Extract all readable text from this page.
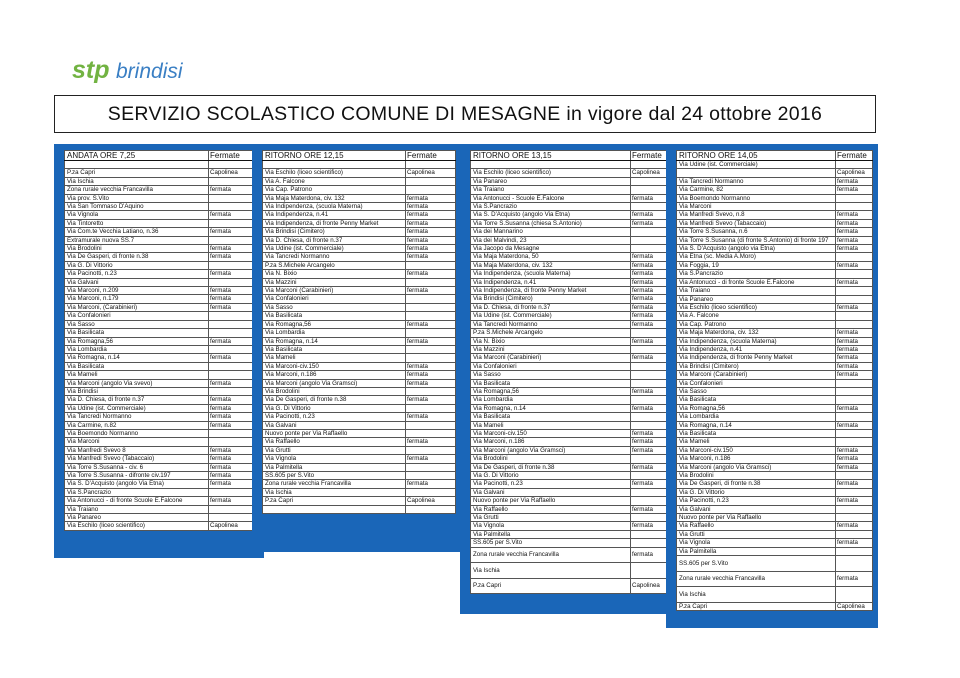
stp brindisi
SERVIZIO SCOLASTICO COMUNE DI MESAGNE in vigore dal 24 ottobre 2016
ANDATA ORE 7,25	Fermate

P.za Capri	Capolinea
Via Ischia	
Zona rurale vecchia Francavilla	fermata
Via prov. S.Vito	
Via San Tommaso D'Aquino	
Via Vignola	fermata
Via Tintoretto	
Via Com.te Vecchia Latiano, n.36	fermata
Extramurale nuova SS.7	
Via Brodolini	fermata
Via De Gasperi, di fronte n.38	fermata
Via G. Di Vittorio	
Via Pacinotti, n.23	fermata
Via Galvani	
Via Marconi, n.209	fermata
Via Marconi, n.179	fermata
Via Marconi, (Carabinieri)	fermata
Via Confalonieri	
Via Sasso	
Via Basilicata	
Via Romagna,56	fermata
Via Lombardia	
Via Romagna, n.14	fermata
Via Basilicata	
Via Mameli	
Via Marconi (angolo Via svevo)	fermata
Via Brindisi	
Via D. Chiesa, di fronte n.37	fermata
Via Udine (ist. Commerciale)	fermata
Via Tancredi Normanno	fermata
Via Carmine, n.82	fermata
Via Boemondo Normanno	
Via Marconi	
Via Manfredi Svevo 8	fermata
Via Manfredi Svevo (Tabaccaio)	fermata
Via Torre S.Susanna - civ. 6	fermata
Via Torre S.Susanna - difronte civ.197	fermata
Via S. D'Acquisto (angolo Via Etna)	fermata
Via S.Pancrazio	
Via Antonucci - di fronte Scuole E.Falcone	fermata
Via Traiano	
Via Panareo	
Via Eschilo (liceo scientifico)	Capolinea
RITORNO ORE 12,15	Fermate

Via Eschilo (liceo scientifico)	Capolinea
Via A. Falcone	
Via Cap. Patrono	
Via Maja Materdona, civ. 132	fermata
Via Indipendenza, (scuola Materna)	fermata
Via Indipendenza, n.41	fermata
Via Indipendenza, di fronte Penny Market	fermata
Via Brindisi (Cimitero)	fermata
Via D. Chiesa, di fronte n.37	fermata
Via Udine (ist. Commerciale)	fermata
Via Tancredi Normanno	fermata
P.za S.Michele Arcangelo	
Via N. Bixio	fermata
Via Mazzini	
Via Marconi (Carabinieri)	fermata
Via Confalonieri	
Via Sasso	
Via Basilicata	
Via Romagna,56	fermata
Via Lombardia	
Via Romagna, n.14	fermata
Via Basilicata	
Via Mameli	
Via Marconi-civ.150	fermata
Via Marconi, n.186	fermata
Via Marconi (angolo Via Gramsci)	fermata
Via Brodolini	
Via De Gasperi, di fronte n.38	fermata
Via G. Di Vittorio	
Via Pacinotti, n.23	fermata
Via Galvani	
Nuovo ponte per Via Raffaello	
Via Raffaello	fermata
Via Grutti	
Via Vignola	fermata
Via Palmitella	
SS.605 per S.Vito	
Zona rurale vecchia Francavilla	fermata
Via Ischia	
P.za Capri	Capolinea

RITORNO ORE 13,15	Fermate

Via Eschilo (liceo scientifico)	Capolinea
Via Panareo	
Via Traiano	
Via Antonucci - Scuole E.Falcone	fermata
Via S.Pancrazio	
Via S. D'Acquisto (angolo Via Etna)	fermata
Via Torre S.Susanna (chiesa S.Antonio)	fermata
Via dei Mannarino	
Via dei Malvindi, 23	
Via Jacopo da Mesagne	
Via Maja Materdona, 50	fermata
Via Maja Materdona, civ. 132	fermata
Via Indipendenza, (scuola Materna)	fermata
Via Indipendenza, n.41	fermata
Via Indipendenza, di fronte Penny Market	fermata
Via Brindisi (Cimitero)	fermata
Via D. Chiesa, di fronte n.37	fermata
Via Udine (ist. Commerciale)	fermata
Via Tancredi Normanno	fermata
P.za S.Michele Arcangelo	
Via N. Bixio	fermata
Via Mazzini	
Via Marconi (Carabinieri)	fermata
Via Confalonieri	
Via Sasso	
Via Basilicata	
Via Romagna,56	fermata
Via Lombardia	
Via Romagna, n.14	fermata
Via Basilicata	
Via Mameli	
Via Marconi-civ.150	fermata
Via Marconi, n.186	fermata
Via Marconi (angolo Via Gramsci)	fermata
Via Brodolini	
Via De Gasperi, di fronte n.38	fermata
Via G. Di Vittorio	
Via Pacinotti, n.23	fermata
Via Galvani	
Nuovo ponte per Via Raffaello	
Via Raffaello	fermata
Via Grutti	
Via Vignola	fermata
Via Palmitella	
SS.605 per S.Vito	
Zona rurale vecchia Francavilla	fermata
Via Ischia	
P.za Capri	Capolinea
RITORNO ORE 14,05	Fermate
Via Udine (ist. Commerciale)	
	Capolinea
Via Tancredi Normanno	fermata
Via Carmine, 82	fermata
Via Boemondo Normanno	
Via Marconi	
Via Manfredi Svevo, n.8	fermata
Via Manfredi Svevo (Tabaccaio)	fermata
Via Torre S.Susanna, n.6	fermata
Via Torre S.Susanna (di fronte S.Antonio) di fronte 197	fermata
Via S. D'Acquisto (angolo via Etna)	fermata
Via Etna (sc. Media A.Moro)	
Via Foggia, 19	fermata
Via S.Pancrazio	
Via Antonucci - di fronte Scuole E.Falcone	fermata
Via Traiano	
Via Panareo	
Via Eschilo (liceo scientifico)	fermata
Via A. Falcone	
Via Cap. Patrono	
Via Maja Materdona, civ. 132	fermata
Via Indipendenza, (scuola Materna)	fermata
Via Indipendenza, n.41	fermata
Via Indipendenza, di fronte Penny Market	fermata
Via Brindisi (Cimitero)	fermata
Via Marconi (Carabinieri)	fermata
Via Confalonieri	
Via Sasso	
Via Basilicata	
Via Romagna,56	fermata
Via Lombardia	
Via Romagna, n.14	fermata
Via Basilicata	
Via Mameli	
Via Marconi-civ.150	fermata
Via Marconi, n.186	fermata
Via Marconi (angolo Via Gramsci)	fermata
Via Brodolini	
Via De Gasperi, di fronte n.38	fermata
Via G. Di Vittorio	
Via Pacinotti, n.23	fermata
Via Galvani	
Nuovo ponte per Via Raffaello	
Via Raffaello	fermata
Via Grutti	
Via Vignola	fermata
Via Palmitella	
SS.605 per S.Vito	
Zona rurale vecchia Francavilla	fermata
Via Ischia	
P.za Capri	Capolinea
